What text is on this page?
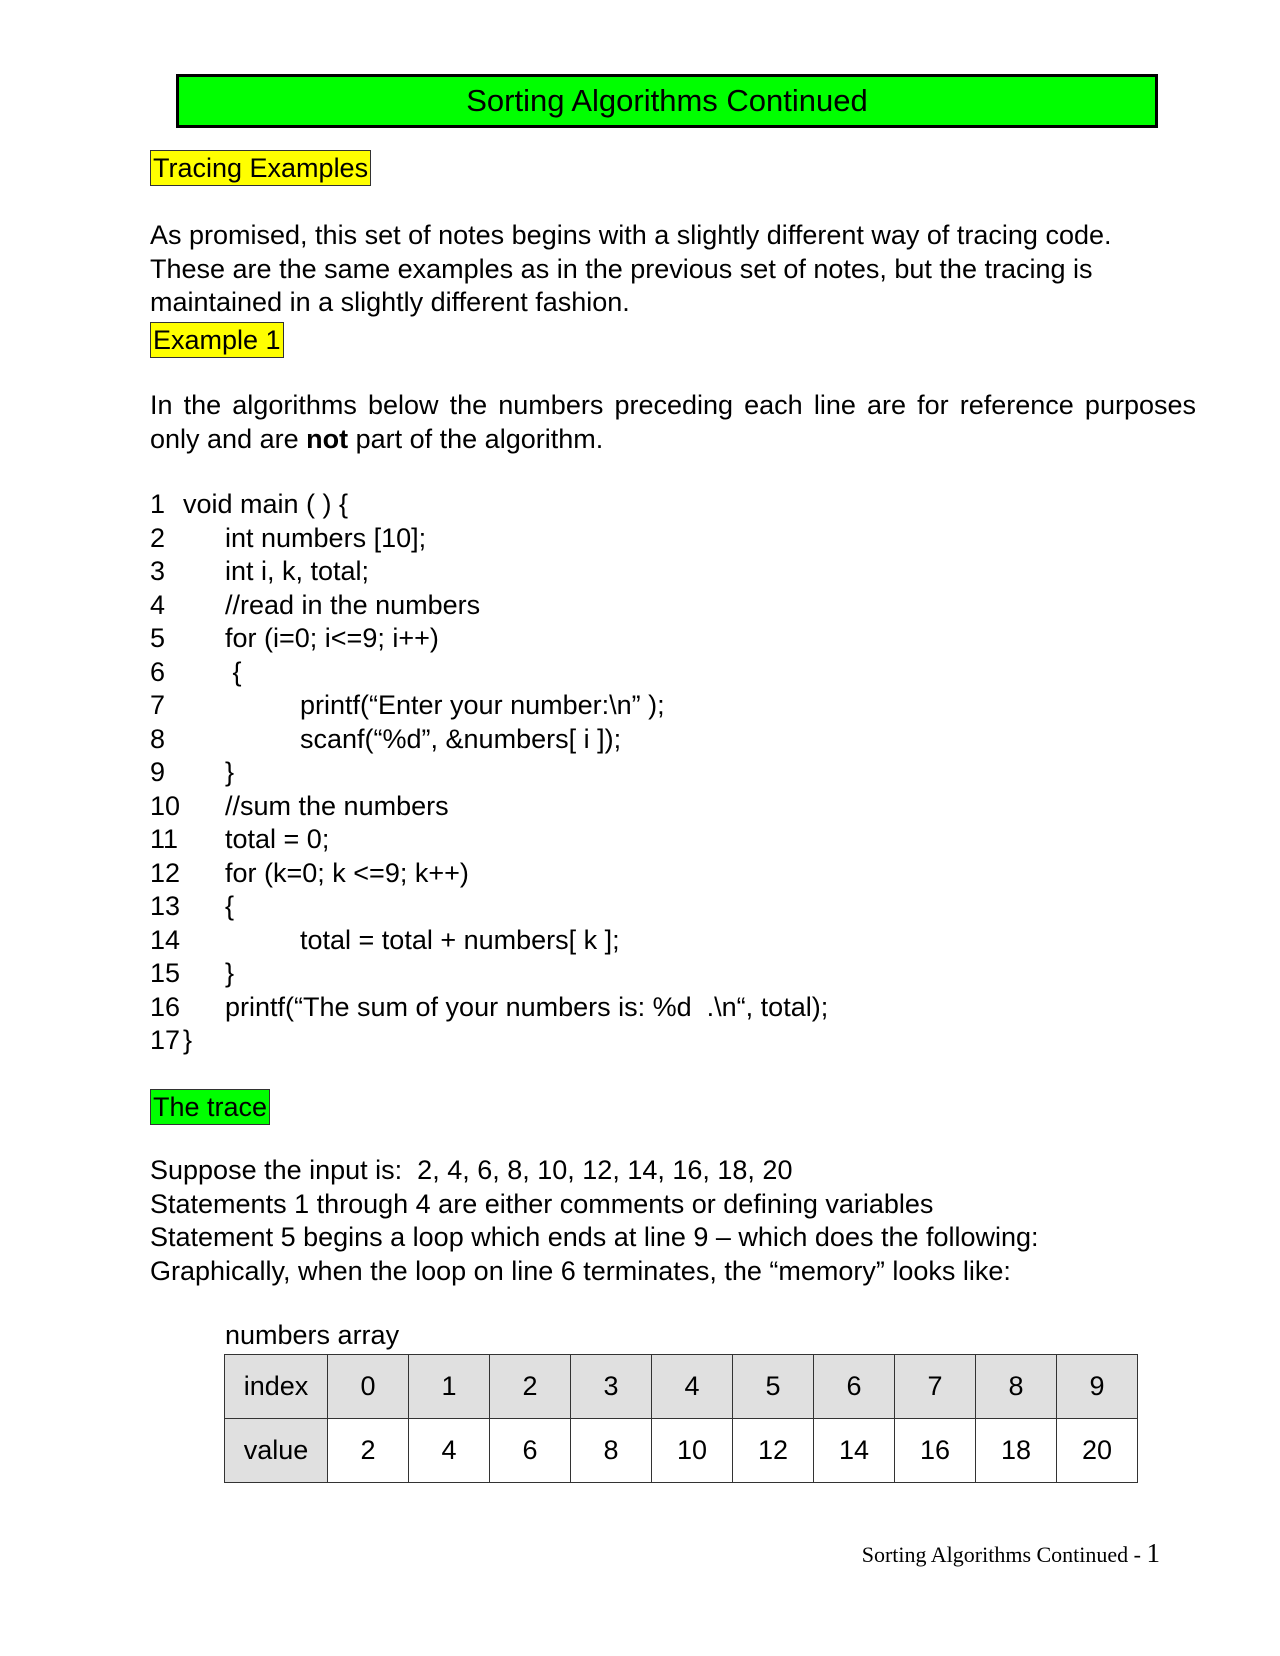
Sorting Algorithms Continued
Tracing Examples

As promised, this set of notes begins with a slightly different way of tracing code. These are the same examples as in the previous set of notes, but the tracing is maintained in a slightly different fashion.

Example 1
In the algorithms below the numbers preceding each line are for reference purposes only and are not part of the algorithm.
1 void main ( ) {
2 int numbers [10];
3 int i, k, total;
4 //read in the numbers
5 for (i=0; i<=9; i++)
6 {
7	printf(“Enter your number:\n” );
8	scanf(“%d”, &numbers[ i ]);
9 }
10 //sum the numbers
11 total = 0;
12 for (k=0; k <=9; k++)
13 {
14	total = total + numbers[ k ];
15 }
16 printf(“The sum of your numbers is: %d  .\n“, total);
17 }
The trace
Suppose the input is:  2, 4, 6, 8, 10, 12, 14, 16, 18, 20
Statements 1 through 4 are either comments or defining variables
Statement 5 begins a loop which ends at line 9 – which does the following:
Graphically, when the loop on line 6 terminates, the “memory” looks like:
numbers array
index	0	1	2	3	4	5	6	7	8	9
value	2	4	6	8	10	12	14	16	18	20
Sorting Algorithms Continued - 1
